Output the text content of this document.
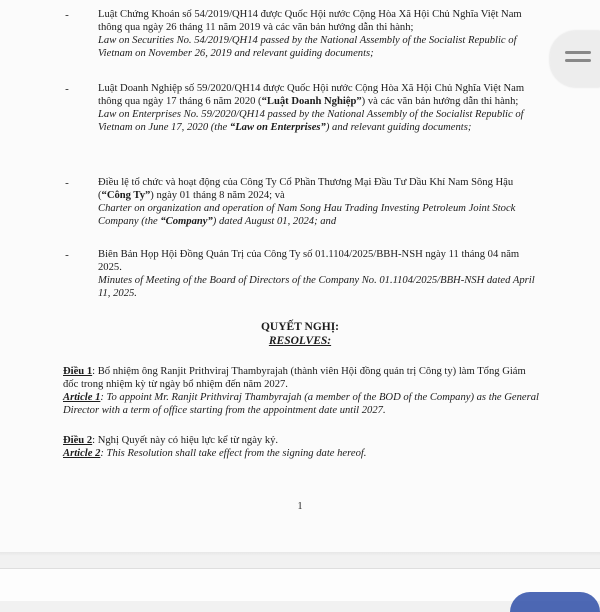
-	Luật Chứng Khoán số 54/2019/QH14 được Quốc Hội nước Cộng Hòa Xã Hội Chủ Nghĩa Việt Nam thông qua ngày 26 tháng 11 năm 2019 và các văn bản hướng dẫn thi hành;
Law on Securities No. 54/2019/QH14 passed by the National Assembly of the Socialist Republic of Vietnam on November 26, 2019 and relevant guiding documents;
-	Luật Doanh Nghiệp số 59/2020/QH14 được Quốc Hội nước Cộng Hòa Xã Hội Chủ Nghĩa Việt Nam thông qua ngày 17 tháng 6 năm 2020 (“Luật Doanh Nghiệp”) và các văn bản hướng dẫn thi hành;
Law on Enterprises No. 59/2020/QH14 passed by the National Assembly of the Socialist Republic of Vietnam on June 17, 2020 (the “Law on Enterprises”) and relevant guiding documents;
-	Điều lệ tổ chức và hoạt động của Công Ty Cổ Phần Thương Mại Đầu Tư Dầu Khí Nam Sông Hậu (“Công Ty”) ngày 01 tháng 8 năm 2024; và
Charter on organization and operation of Nam Song Hau Trading Investing Petroleum Joint Stock Company (the “Company”) dated August 01, 2024; and
-	Biên Bản Họp Hội Đồng Quản Trị của Công Ty số 01.1104/2025/BBH-NSH ngày 11 tháng 04 năm 2025.
Minutes of Meeting of the Board of Directors of the Company No. 01.1104/2025/BBH-NSH dated April 11, 2025.
QUYẾT NGHỊ:
RESOLVES:
Điều 1: Bổ nhiệm ông Ranjit Prithviraj Thambyrajah (thành viên Hội đồng quản trị Công ty) làm Tổng Giám đốc trong nhiệm kỳ từ ngày bổ nhiệm đến năm 2027.
Article 1: To appoint Mr. Ranjit Prithviraj Thambyrajah (a member of the BOD of the Company) as the General Director with a term of office starting from the appointment date until 2027.
Điều 2: Nghị Quyết này có hiệu lực kể từ ngày ký.
Article 2: This Resolution shall take effect from the signing date hereof.
1
